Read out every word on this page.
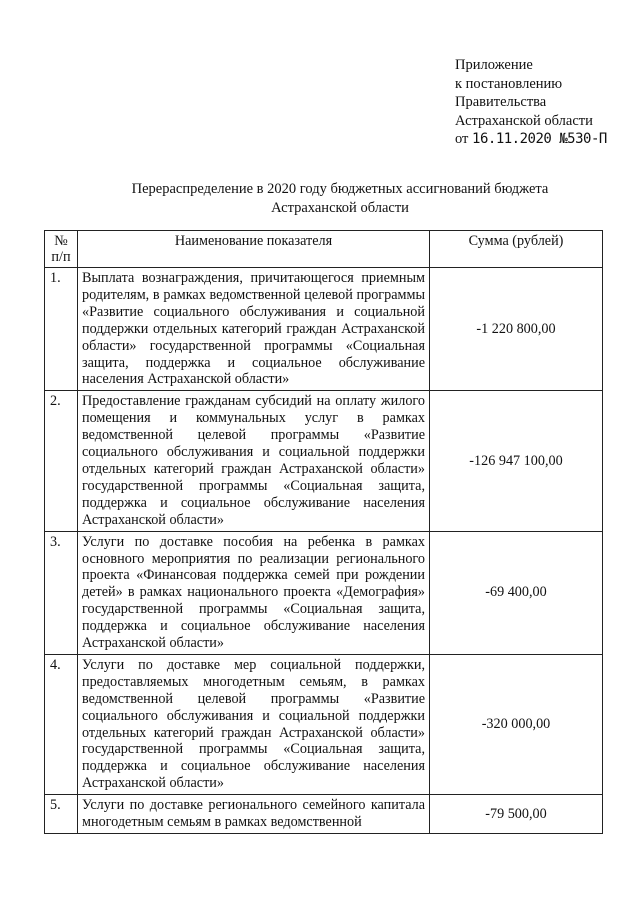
Приложение
к постановлению
Правительства
Астраханской области
от 16.11.2020 №530-П
Перераспределение в 2020 году бюджетных ассигнований бюджета
Астраханской области
№
п/п	Наименование показателя	Сумма (рублей)
1.	Выплата вознаграждения, причитающегося приемным родителям, в рамках ведомственной целевой программы «Развитие социального обслуживания и социальной поддержки отдельных категорий граждан Астраханской области» государственной программы «Социальная защита, поддержка и социальное обслуживание населения Астраханской области»	-1 220 800,00
2.	Предоставление гражданам субсидий на оплату жилого помещения и коммунальных услуг в рамках ведомственной целевой программы «Развитие социального обслуживания и социальной поддержки отдельных категорий граждан Астраханской области» государственной программы «Социальная защита, поддержка и социальное обслуживание населения Астраханской области»	-126 947 100,00
3.	Услуги по доставке пособия на ребенка в рамках основного мероприятия по реализации регионального проекта «Финансовая поддержка семей при рождении детей» в рамках национального проекта «Демография» государственной программы «Социальная защита, поддержка и социальное обслуживание населения Астраханской области»	-69 400,00
4.	Услуги по доставке мер социальной поддержки, предоставляемых многодетным семьям, в рамках ведомственной целевой программы «Развитие социального обслуживания и социальной поддержки отдельных категорий граждан Астраханской области» государственной программы «Социальная защита, поддержка и социальное обслуживание населения Астраханской области»	-320 000,00
5.	Услуги по доставке регионального семейного капитала многодетным семьям в рамках ведомственной	-79 500,00
